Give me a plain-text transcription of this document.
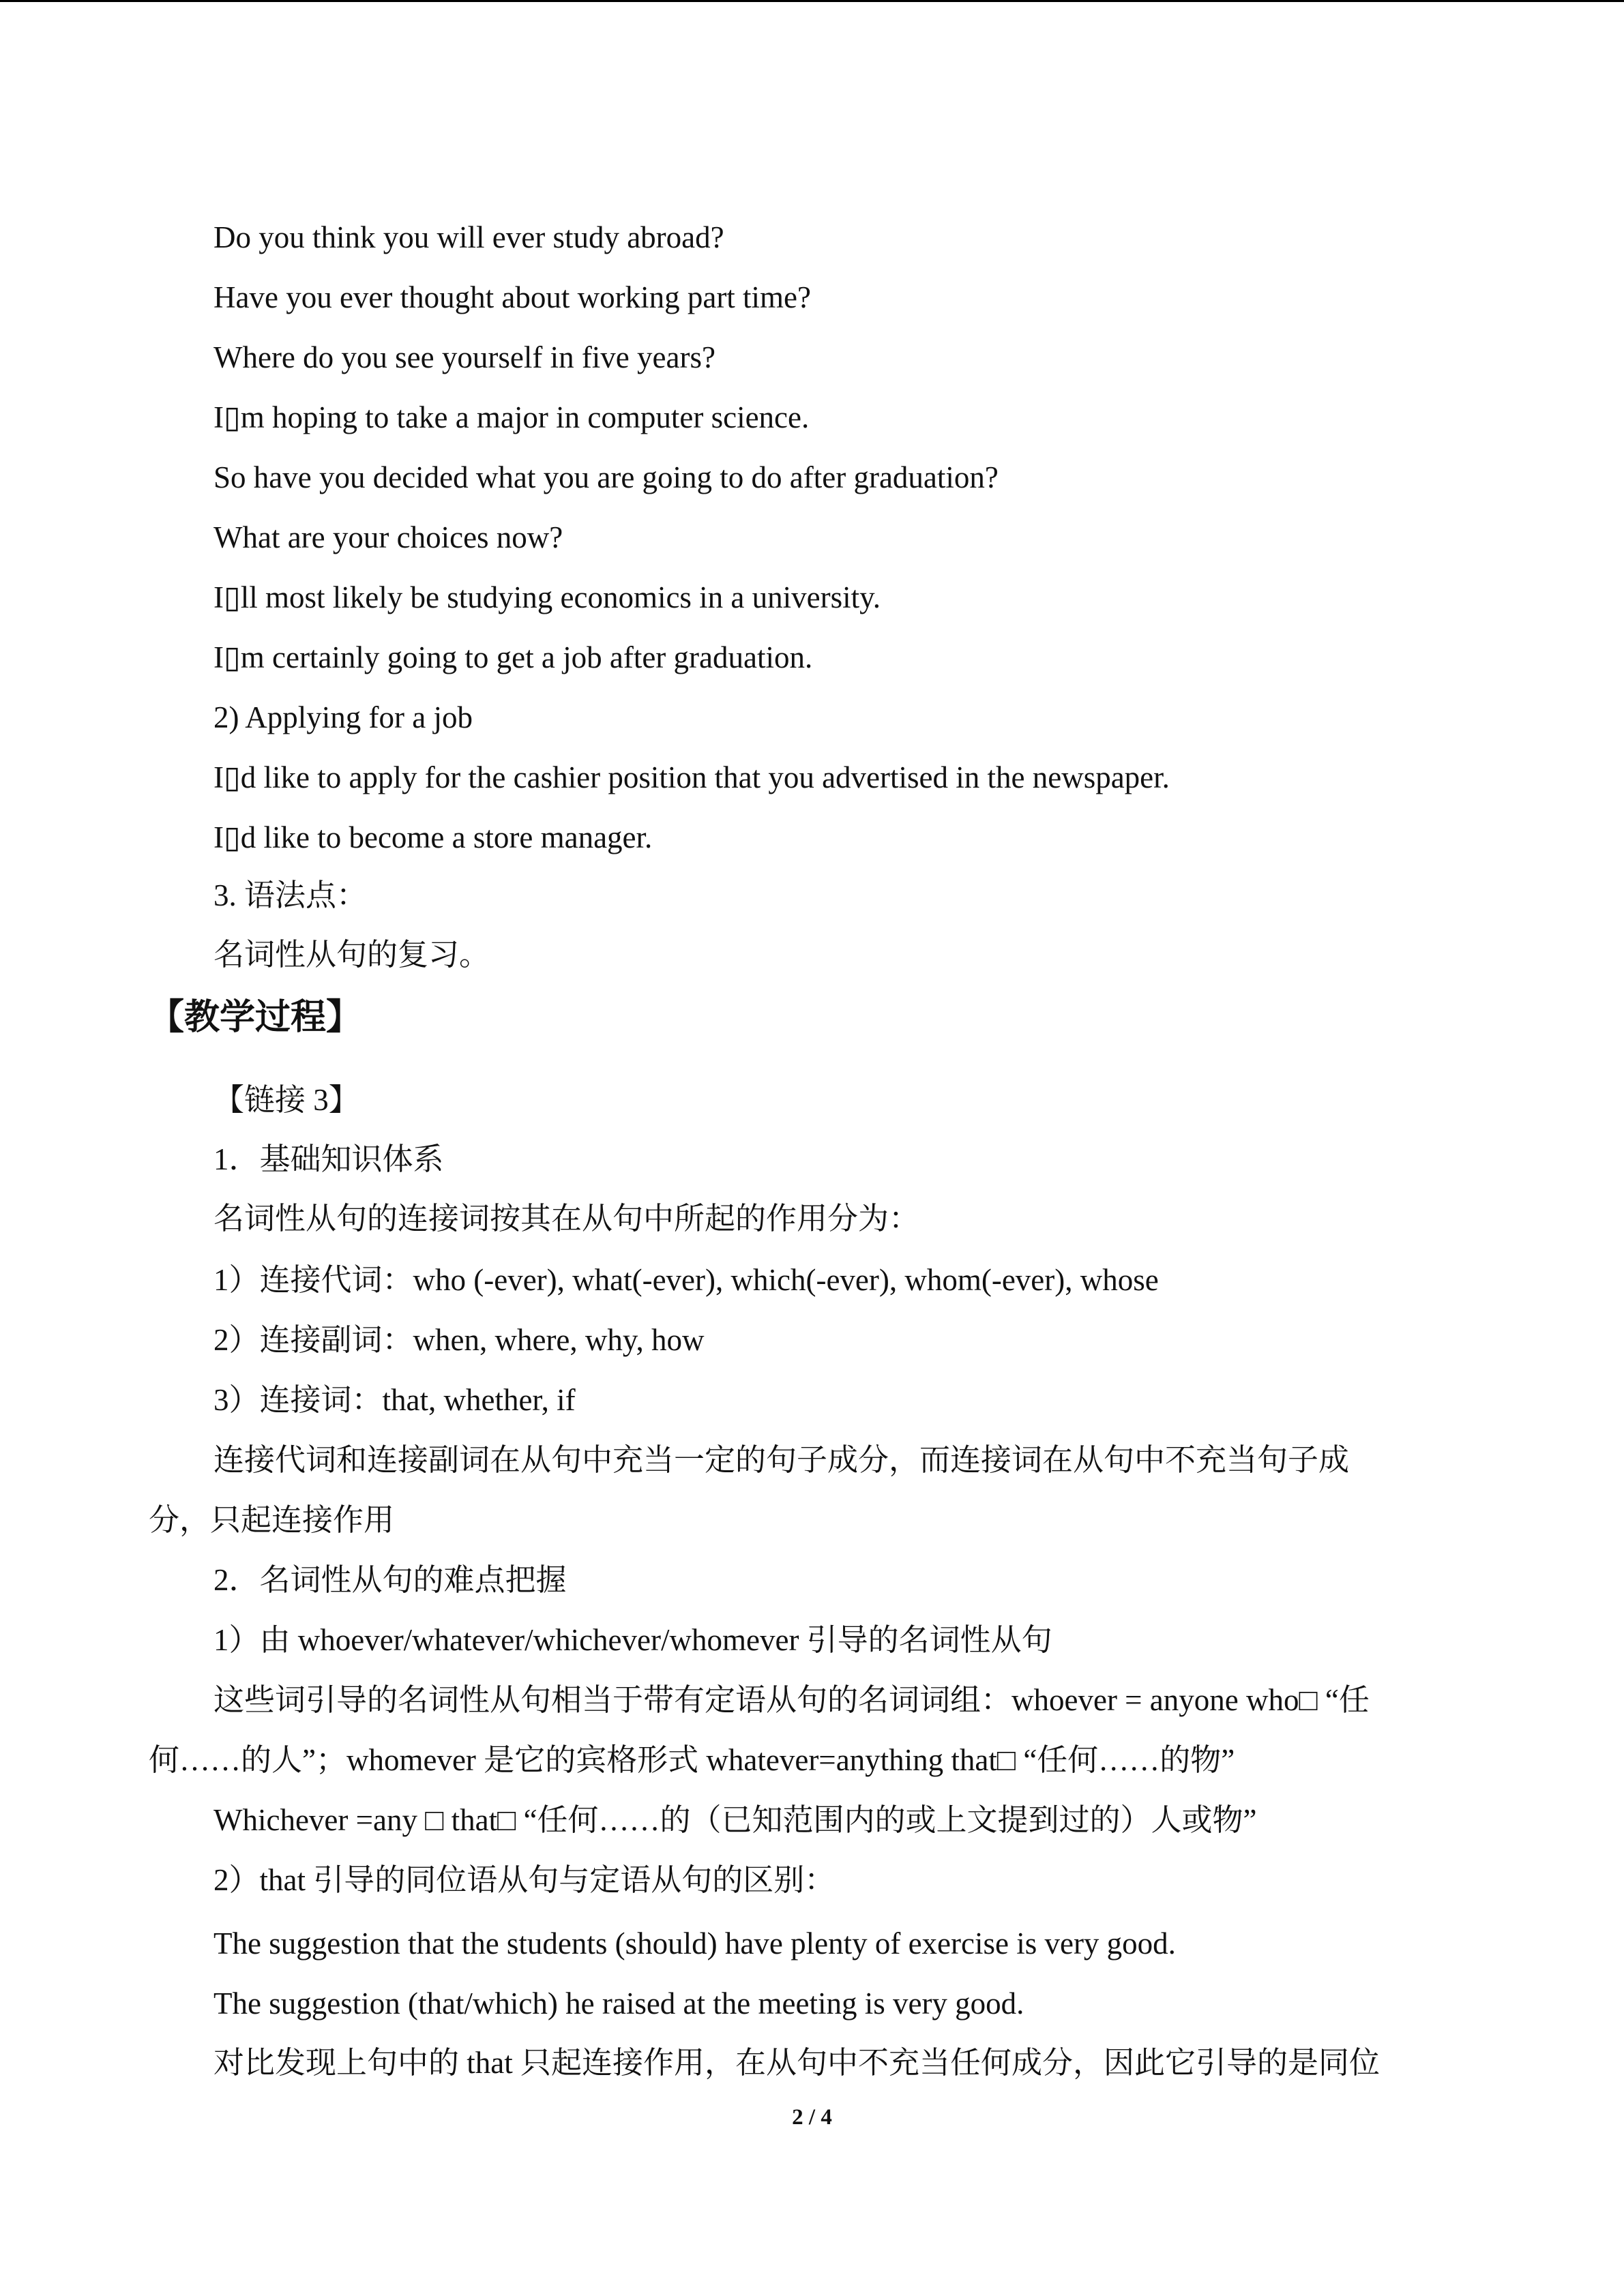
Do you think you will ever study abroad?
Have you ever thought about working part time?
Where do you see yourself in five years?
I▯m hoping to take a major in computer science.
So have you decided what you are going to do after graduation?
What are your choices now?
I▯ll most likely be studying economics in a university.
I▯m certainly going to get a job after graduation.
2) Applying for a job
I▯d like to apply for the cashier position that you advertised in the newspaper.
I▯d like to become a store manager.
3. 语法点：
名词性从句的复习。
【教学过程】
【链接 3】
1．基础知识体系
名词性从句的连接词按其在从句中所起的作用分为：
1）连接代词：who (-ever), what(-ever), which(-ever), whom(-ever), whose
2）连接副词：when, where, why, how
3）连接词：that, whether, if
连接代词和连接副词在从句中充当一定的句子成分，而连接词在从句中不充当句子成
分，只起连接作用
2．名词性从句的难点把握
1）由 whoever/whatever/whichever/whomever 引导的名词性从句
这些词引导的名词性从句相当于带有定语从句的名词词组：whoever = anyone who□ “任
何……的人”；whomever 是它的宾格形式 whatever=anything that□ “任何……的物”
Whichever =any □ that□ “任何……的（已知范围内的或上文提到过的）人或物”
2）that 引导的同位语从句与定语从句的区别：
The suggestion that the students (should) have plenty of exercise is very good.
The suggestion (that/which) he raised at the meeting is very good.
对比发现上句中的 that 只起连接作用，在从句中不充当任何成分，因此它引导的是同位
2 / 4
